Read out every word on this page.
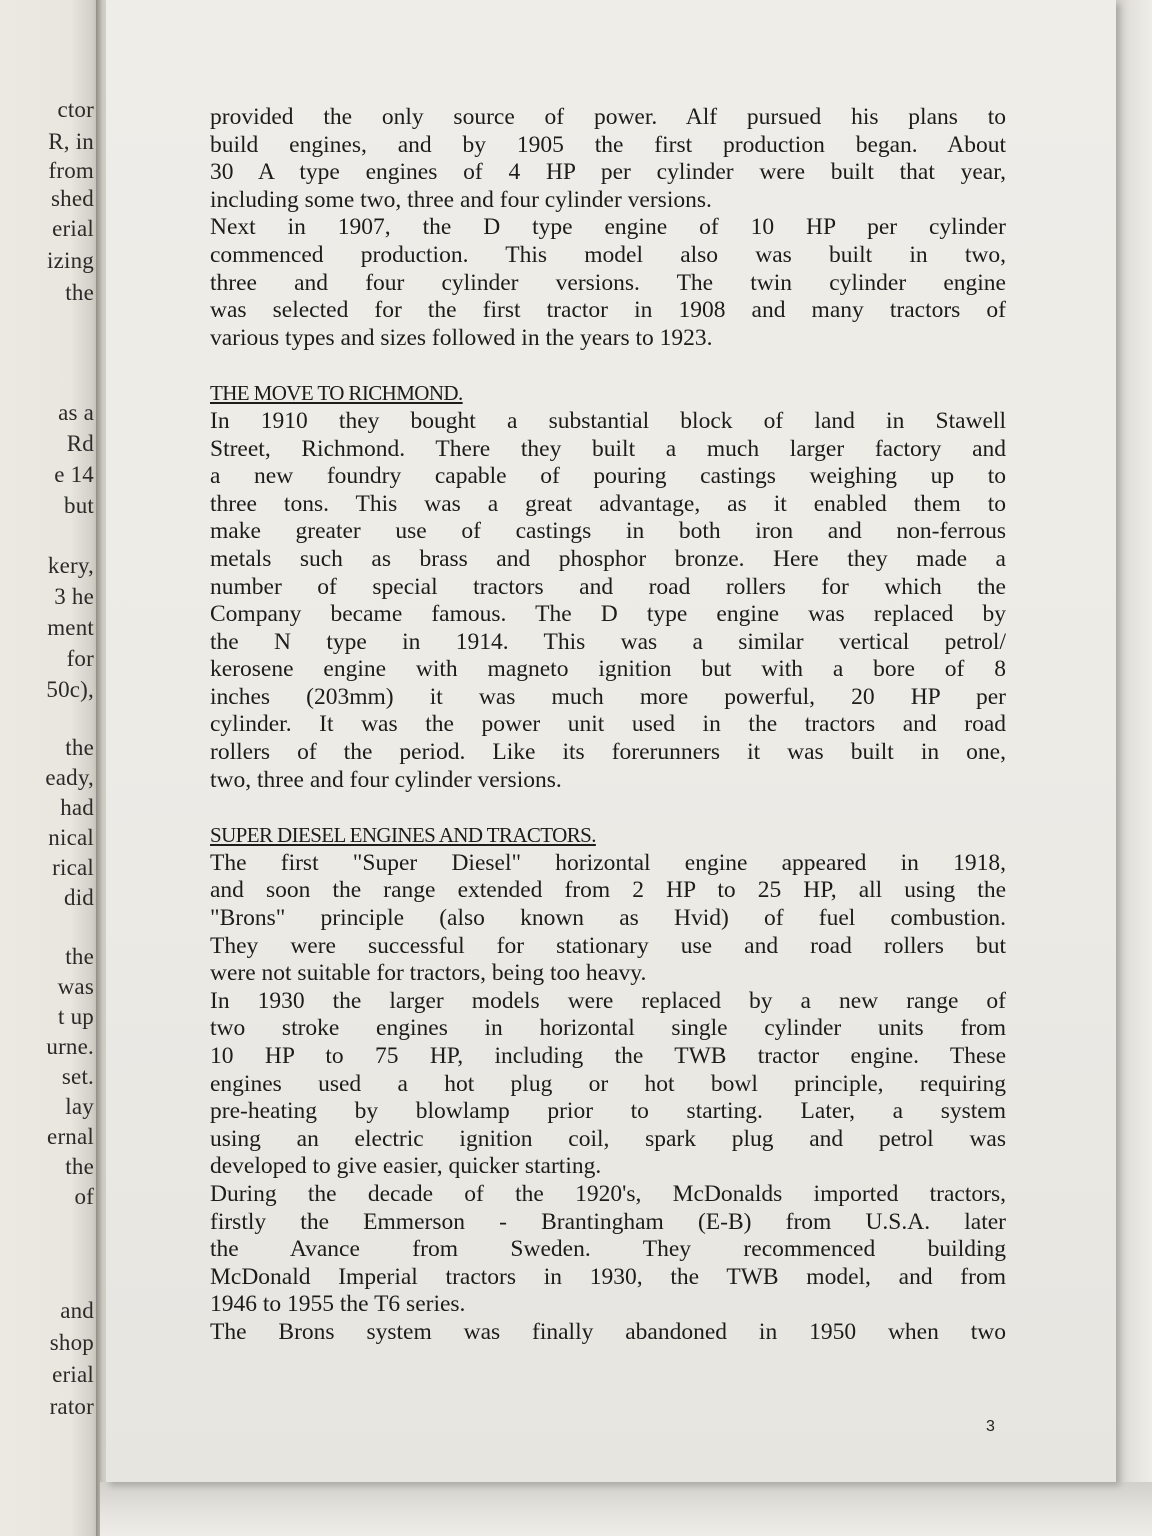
ctor
R, in
from
shed
erial
izing
the
as a
Rd
e 14
but
kery,
3 he
ment
for
50c),
the
eady,
had
nical
rical
did
the
was
t up
urne.
set.
lay
ernal
the
of
and
shop
erial
rator

provided the only source of power. Alf pursued his plans to
build engines, and by 1905 the first production began. About
30 A type engines of 4 HP per cylinder were built that year,
including some two, three and four cylinder versions.

Next in 1907, the D type engine of 10 HP per cylinder
commenced production. This model also was built in two,
three and four cylinder versions. The twin cylinder engine
was selected for the first tractor in 1908 and many tractors of
various types and sizes followed in the years to 1923.

THE MOVE TO RICHMOND.

In 1910 they bought a substantial block of land in Stawell
Street, Richmond. There they built a much larger factory and
a new foundry capable of pouring castings weighing up to
three tons. This was a great advantage, as it enabled them to
make greater use of castings in both iron and non-ferrous
metals such as brass and phosphor bronze. Here they made a
number of special tractors and road rollers for which the
Company became famous. The D type engine was replaced by
the N type in 1914. This was a similar vertical petrol/
kerosene engine with magneto ignition but with a bore of 8
inches (203mm) it was much more powerful, 20 HP per
cylinder. It was the power unit used in the tractors and road
rollers of the period. Like its forerunners it was built in one,
two, three and four cylinder versions.

SUPER DIESEL ENGINES AND TRACTORS.

The first "Super Diesel" horizontal engine appeared in 1918,
and soon the range extended from 2 HP to 25 HP, all using the
"Brons" principle (also known as Hvid) of fuel combustion.
They were successful for stationary use and road rollers but
were not suitable for tractors, being too heavy.

In 1930 the larger models were replaced by a new range of
two stroke engines in horizontal single cylinder units from
10 HP to 75 HP, including the TWB tractor engine. These
engines used a hot plug or hot bowl principle, requiring
pre-heating by blowlamp prior to starting. Later, a system
using an electric ignition coil, spark plug and petrol was
developed to give easier, quicker starting.

During the decade of the 1920's, McDonalds imported tractors,
firstly the Emmerson - Brantingham (E-B) from U.S.A. later
the Avance from Sweden. They recommenced building
McDonald Imperial tractors in 1930, the TWB model, and from
1946 to 1955 the T6 series.

The Brons system was finally abandoned in 1950 when two

3
